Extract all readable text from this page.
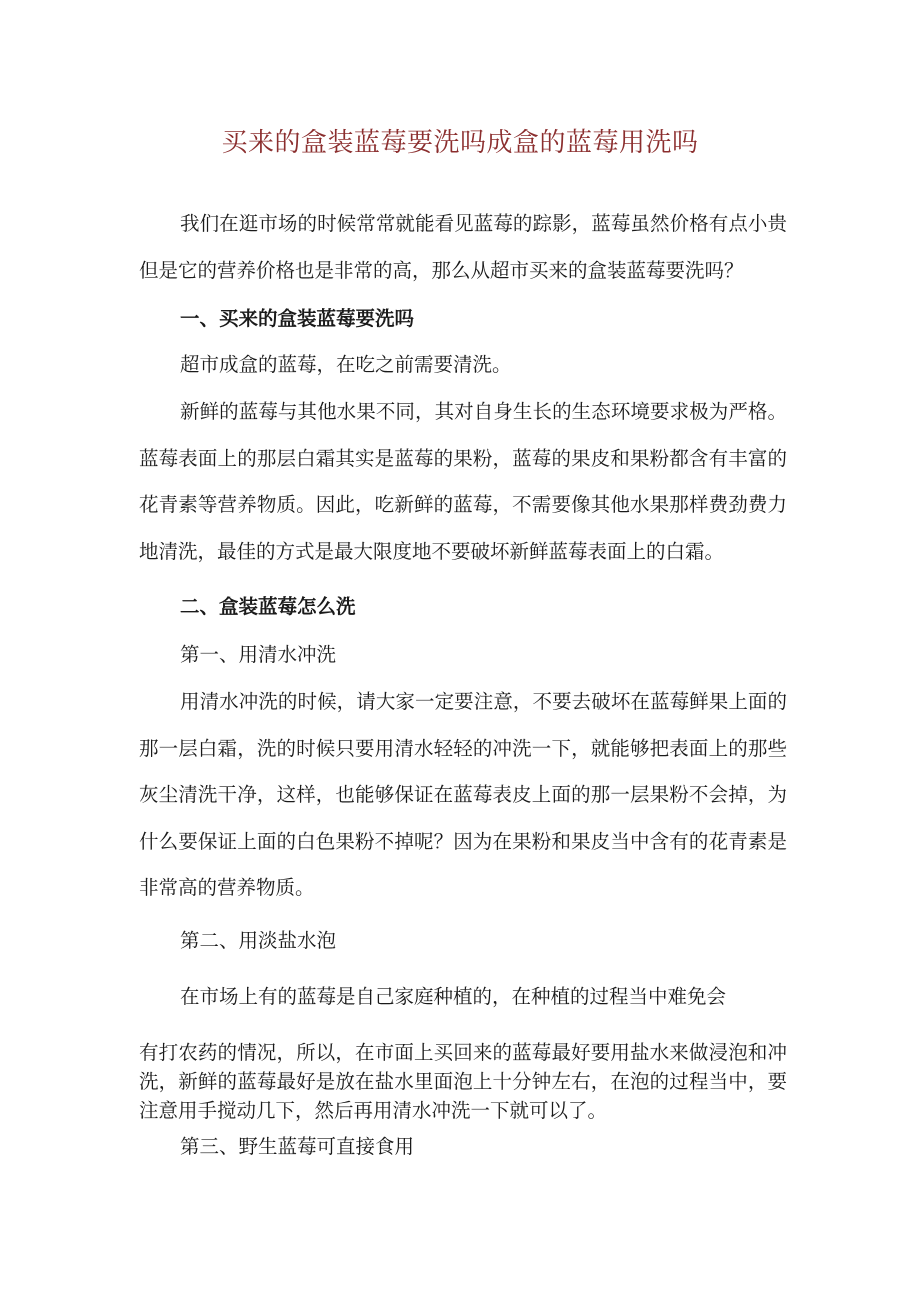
买来的盒装蓝莓要洗吗成盒的蓝莓用洗吗
我们在逛市场的时候常常就能看见蓝莓的踪影，蓝莓虽然价格有点小贵但是它的营养价格也是非常的高，那么从超市买来的盒装蓝莓要洗吗？
一、买来的盒装蓝莓要洗吗
超市成盒的蓝莓，在吃之前需要清洗。
新鲜的蓝莓与其他水果不同，其对自身生长的生态环境要求极为严格。蓝莓表面上的那层白霜其实是蓝莓的果粉，蓝莓的果皮和果粉都含有丰富的花青素等营养物质。因此，吃新鲜的蓝莓，不需要像其他水果那样费劲费力地清洗，最佳的方式是最大限度地不要破坏新鲜蓝莓表面上的白霜。
二、盒装蓝莓怎么洗
第一、用清水冲洗
用清水冲洗的时候，请大家一定要注意，不要去破坏在蓝莓鲜果上面的那一层白霜，洗的时候只要用清水轻轻的冲洗一下，就能够把表面上的那些灰尘清洗干净，这样，也能够保证在蓝莓表皮上面的那一层果粉不会掉，为什么要保证上面的白色果粉不掉呢？因为在果粉和果皮当中含有的花青素是非常高的营养物质。
第二、用淡盐水泡
在市场上有的蓝莓是自己家庭种植的，在种植的过程当中难免会
有打农药的情况，所以，在市面上买回来的蓝莓最好要用盐水来做浸泡和冲洗，新鲜的蓝莓最好是放在盐水里面泡上十分钟左右，在泡的过程当中，要注意用手搅动几下，然后再用清水冲洗一下就可以了。
第三、野生蓝莓可直接食用
